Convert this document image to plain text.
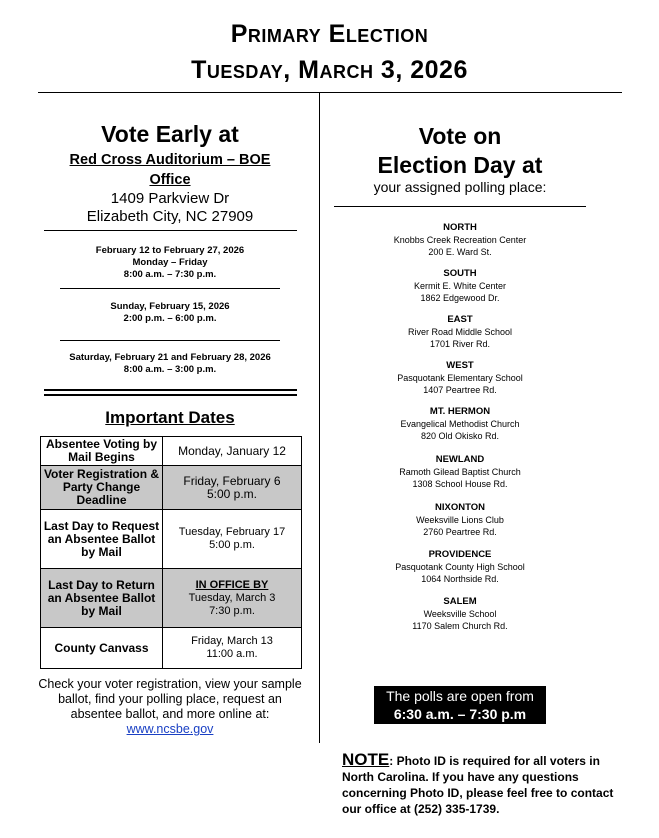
Primary Election
Tuesday, March 3, 2026
Vote Early at
Red Cross Auditorium – BOE
Office
1409 Parkview Dr
Elizabeth City, NC 27909
February 12 to February 27, 2026
Monday – Friday
8:00 a.m. – 7:30 p.m.
Sunday, February 15, 2026
2:00 p.m. – 6:00 p.m.
Saturday, February 21 and February 28, 2026
8:00 a.m. – 3:00 p.m.
Important Dates
Absentee Voting by Mail Begins	Monday, January 12
Voter Registration & Party Change Deadline	Friday, February 6
5:00 p.m.

Last Day to Request an Absentee Ballot by Mail	Tuesday, February 17
5:00 p.m.

Last Day to Return an Absentee Ballot by Mail	IN OFFICE BY
Tuesday, March 3
7:30 p.m.

County Canvass	Friday, March 13
11:00 a.m.
Check your voter registration, view your sample ballot, find your polling place, request an absentee ballot, and more online at: www.ncsbe.gov
Vote on
Election Day at
your assigned polling place:
NORTH
Knobbs Creek Recreation Center
200 E. Ward St.
SOUTH
Kermit E. White Center
1862 Edgewood Dr.
EAST
River Road Middle School
1701 River Rd.
WEST
Pasquotank Elementary School
1407 Peartree Rd.
MT. HERMON
Evangelical Methodist Church
820 Old Okisko Rd.
NEWLAND
Ramoth Gilead Baptist Church
1308 School House Rd.
NIXONTON
Weeksville Lions Club
2760 Peartree Rd.
PROVIDENCE
Pasquotank County High School
1064 Northside Rd.
SALEM
Weeksville School
1170 Salem Church Rd.
The polls are open from
6:30 a.m. – 7:30 p.m
NOTE: Photo ID is required for all voters in North Carolina. If you have any questions concerning Photo ID, please feel free to contact our office at (252) 335-1739.
